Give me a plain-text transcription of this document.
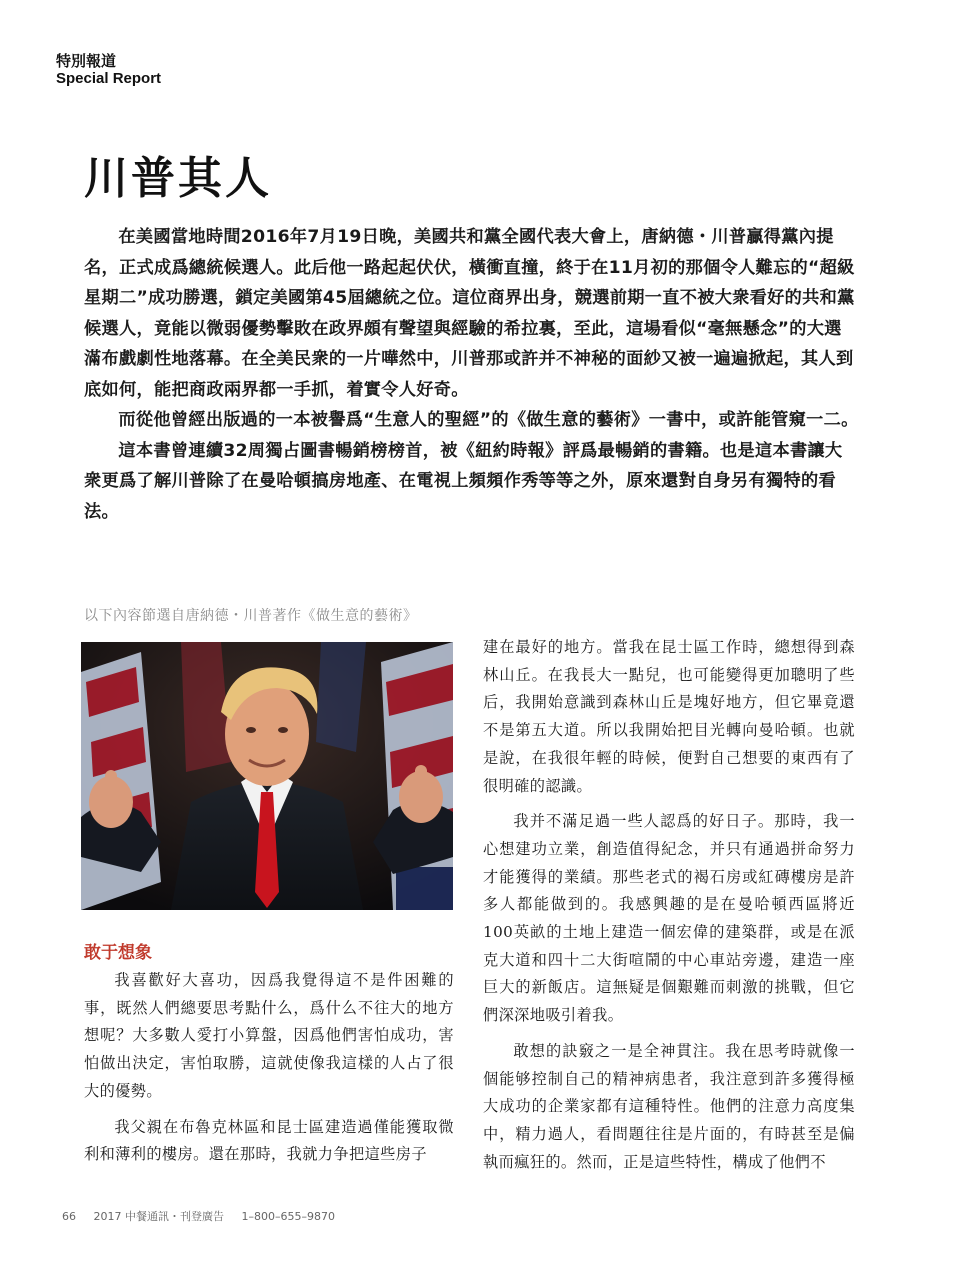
特別報道
Special Report
川普其人

在美國當地時間2016年7月19日晚，美國共和黨全國代表大會上，唐納德・川普贏得黨內提名，正式成爲總統候選人。此后他一路起起伏伏，橫衝直撞，終于在11月初的那個令人難忘的“超級星期二”成功勝選，鎖定美國第45屆總統之位。這位商界出身，競選前期一直不被大衆看好的共和黨候選人，竟能以微弱優勢擊敗在政界頗有聲望與經驗的希拉裏，至此，這場看似“毫無懸念”的大選滿布戲劇性地落幕。在全美民衆的一片嘩然中，川普那或許并不神秘的面紗又被一遍遍掀起，其人到底如何，能把商政兩界都一手抓，着實令人好奇。

而從他曾經出版過的一本被譽爲“生意人的聖經”的《做生意的藝術》一書中，或許能管窺一二。

這本書曾連續32周獨占圖書暢銷榜榜首，被《紐約時報》評爲最暢銷的書籍。也是這本書讓大衆更爲了解川普除了在曼哈頓搞房地產、在電視上頻頻作秀等等之外，原來還對自身另有獨特的看法。

以下內容節選自唐納德・川普著作《做生意的藝術》
敢于想象

我喜歡好大喜功，因爲我覺得這不是件困難的事，既然人們總要思考點什么，爲什么不往大的地方想呢？大多數人愛打小算盤，因爲他們害怕成功，害怕做出決定，害怕取勝，這就使像我這樣的人占了很大的優勢。

我父親在布魯克林區和昆士區建造過僅能獲取微利和薄利的樓房。還在那時，我就力争把這些房子

建在最好的地方。當我在昆士區工作時，總想得到森林山丘。在我長大一點兒，也可能變得更加聰明了些后，我開始意識到森林山丘是塊好地方，但它畢竟還不是第五大道。所以我開始把目光轉向曼哈頓。也就是說，在我很年輕的時候，便對自己想要的東西有了很明確的認識。

我并不滿足過一些人認爲的好日子。那時，我一心想建功立業，創造值得紀念，并只有通過拼命努力才能獲得的業績。那些老式的褐石房或紅磚樓房是許多人都能做到的。我感興趣的是在曼哈頓西區將近100英畝的土地上建造一個宏偉的建築群，或是在派克大道和四十二大街喧鬧的中心車站旁邊，建造一座巨大的新飯店。這無疑是個艱難而刺激的挑戰，但它們深深地吸引着我。

敢想的訣竅之一是全神貫注。我在思考時就像一個能够控制自己的精神病患者，我注意到許多獲得極大成功的企業家都有這種特性。他們的注意力高度集中，精力過人，看問題往往是片面的，有時甚至是偏執而瘋狂的。然而，正是這些特性，構成了他們不

66 2017 中餐通訊・刊登廣告 1–800–655–9870
